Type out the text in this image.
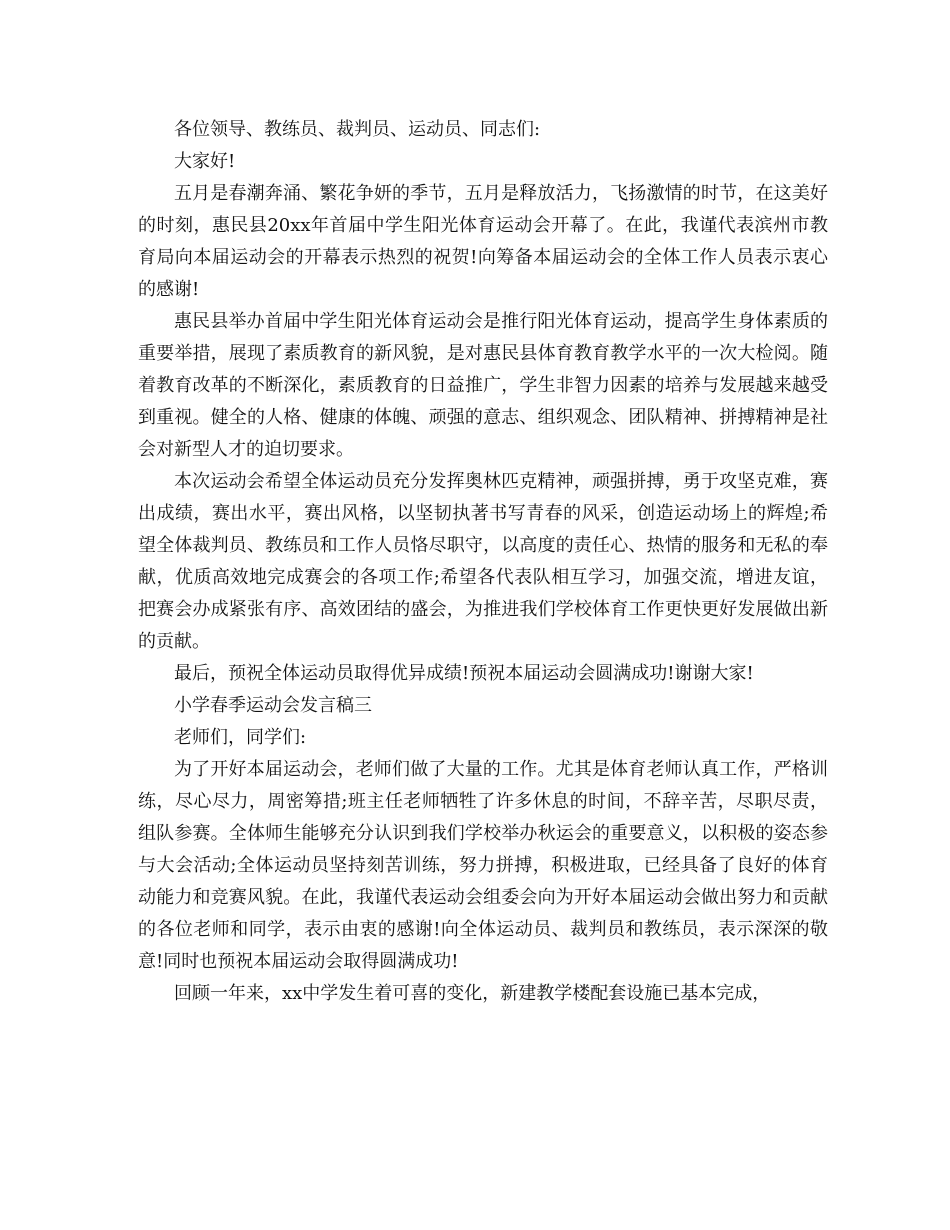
各位领导、教练员、裁判员、运动员、同志们:

大家好!

五月是春潮奔涌、繁花争妍的季节，五月是释放活力，飞扬激情的时节，在这美好的时刻，惠民县20xx年首届中学生阳光体育运动会开幕了。在此，我谨代表滨州市教育局向本届运动会的开幕表示热烈的祝贺!向筹备本届运动会的全体工作人员表示衷心的感谢!

惠民县举办首届中学生阳光体育运动会是推行阳光体育运动，提高学生身体素质的重要举措，展现了素质教育的新风貌，是对惠民县体育教育教学水平的一次大检阅。随着教育改革的不断深化，素质教育的日益推广，学生非智力因素的培养与发展越来越受到重视。健全的人格、健康的体魄、顽强的意志、组织观念、团队精神、拼搏精神是社会对新型人才的迫切要求。

本次运动会希望全体运动员充分发挥奥林匹克精神，顽强拼搏，勇于攻坚克难，赛出成绩，赛出水平，赛出风格，以坚韧执著书写青春的风采，创造运动场上的辉煌;希望全体裁判员、教练员和工作人员恪尽职守，以高度的责任心、热情的服务和无私的奉献，优质高效地完成赛会的各项工作;希望各代表队相互学习，加强交流，增进友谊，把赛会办成紧张有序、高效团结的盛会，为推进我们学校体育工作更快更好发展做出新的贡献。

最后，预祝全体运动员取得优异成绩!预祝本届运动会圆满成功!谢谢大家!

小学春季运动会发言稿三

老师们，同学们:

为了开好本届运动会，老师们做了大量的工作。尤其是体育老师认真工作，严格训练，尽心尽力，周密筹措;班主任老师牺牲了许多休息的时间，不辞辛苦，尽职尽责，组队参赛。全体师生能够充分认识到我们学校举办秋运会的重要意义，以积极的姿态参与大会活动;全体运动员坚持刻苦训练，努力拼搏，积极进取，已经具备了良好的体育动能力和竞赛风貌。在此，我谨代表运动会组委会向为开好本届运动会做出努力和贡献的各位老师和同学，表示由衷的感谢!向全体运动员、裁判员和教练员，表示深深的敬意!同时也预祝本届运动会取得圆满成功!

回顾一年来，xx中学发生着可喜的变化，新建教学楼配套设施已基本完成，
